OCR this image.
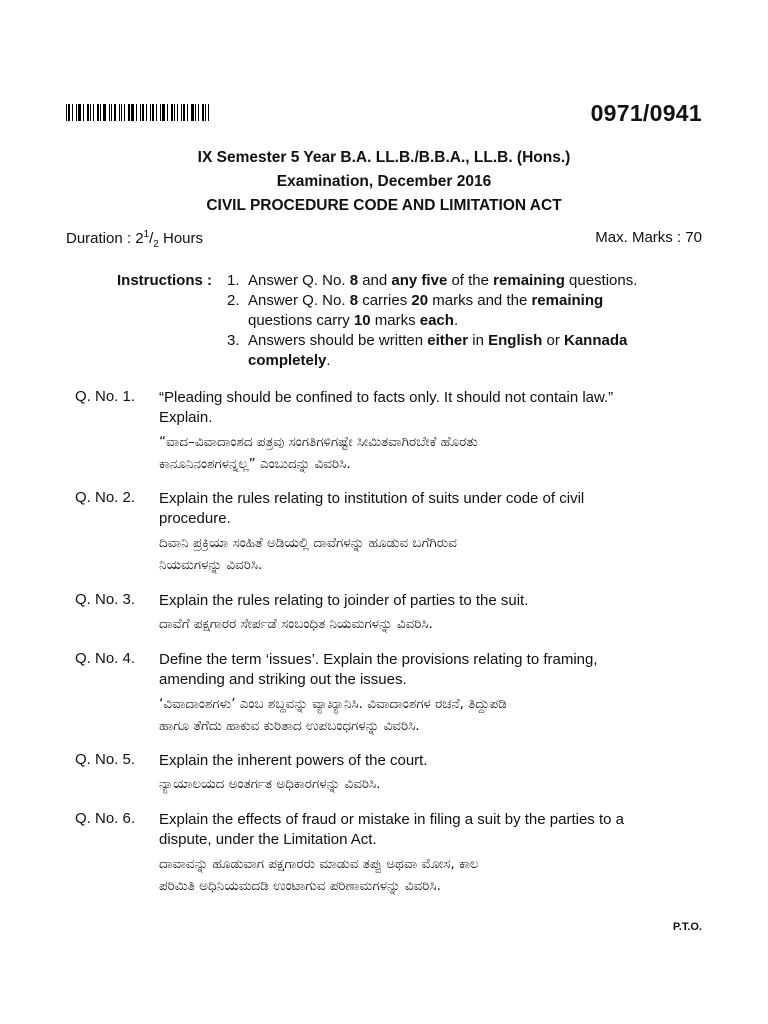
0971/0941
IX Semester 5 Year B.A. LL.B./B.B.A., LL.B. (Hons.)
Examination, December 2016
CIVIL PROCEDURE CODE AND LIMITATION ACT
Duration : $2^1/_2$ Hours	Max. Marks : 70
Instructions : 1. Answer Q. No. 8 and any five of the remaining questions.
2. Answer Q. No. 8 carries 20 marks and the remaining
questions carry 10 marks each.
3. Answers should be written either in English or Kannada
completely.
Q. No. 1. “Pleading should be confined to facts only. It should not contain law.” Explain.
“ವಾದ–ವಿವಾದಾಂಶದ ಪತ್ರವು ಸಂಗತಿಗಳಿಗಷ್ಟೇ ಸೀಮಿತವಾಗಿರಬೇಕೆ ಹೊರತು
ಕಾನೂನಿನಂಶಗಳನ್ನಲ್ಲ” ಎಂಬುದನ್ನು ವಿವರಿಸಿ.
Q. No. 2. Explain the rules relating to institution of suits under code of civil procedure.
ದಿವಾನಿ ಪ್ರಕ್ರಿಯಾ ಸಂಹಿತೆ ಅಡಿಯಲ್ಲಿ ದಾವೆಗಳನ್ನು ಹೂಡುವ ಬಗೆಗಿರುವ
ನಿಯಮಗಳನ್ನು ವಿವರಿಸಿ.
Q. No. 3. Explain the rules relating to joinder of parties to the suit.
ದಾವೆಗೆ ಪಕ್ಷಗಾರರ ಸೇರ್ಪಡೆ ಸಂಬಂಧಿತ ನಿಯಮಗಳನ್ನು ವಿವರಿಸಿ.
Q. No. 4. Define the term ‘issues’. Explain the provisions relating to framing, amending and striking out the issues.
‘ವಿವಾದಾಂಶಗಳು’ ಎಂಬ ಶಬ್ದವನ್ನು ವ್ಯಾಖ್ಯಾನಿಸಿ. ವಿವಾದಾಂಶಗಳ ರಚನೆ, ತಿದ್ದುಪಡಿ
ಹಾಗೂ ತೆಗೆದು ಹಾಕುವ ಕುರಿತಾದ ಉಪಬಂಧಗಳನ್ನು ವಿವರಿಸಿ.
Q. No. 5. Explain the inherent powers of the court.
ನ್ಯಾಯಾಲಯದ ಅಂತರ್ಗತ ಅಧಿಕಾರಗಳನ್ನು ವಿವರಿಸಿ.
Q. No. 6. Explain the effects of fraud or mistake in filing a suit by the parties to a dispute, under the Limitation Act.
ದಾವಾವನ್ನು ಹೂಡುವಾಗ ಪಕ್ಷಗಾರರು ಮಾಡುವ ತಪ್ಪು ಅಥವಾ ಮೋಸ, ಕಾಲ
ಪರಿಮಿತಿ ಅಧಿನಿಯಮದಡಿ ಉಂಟಾಗುವ ಪರಿಣಾಮಗಳನ್ನು ವಿವರಿಸಿ.
P.T.O.
